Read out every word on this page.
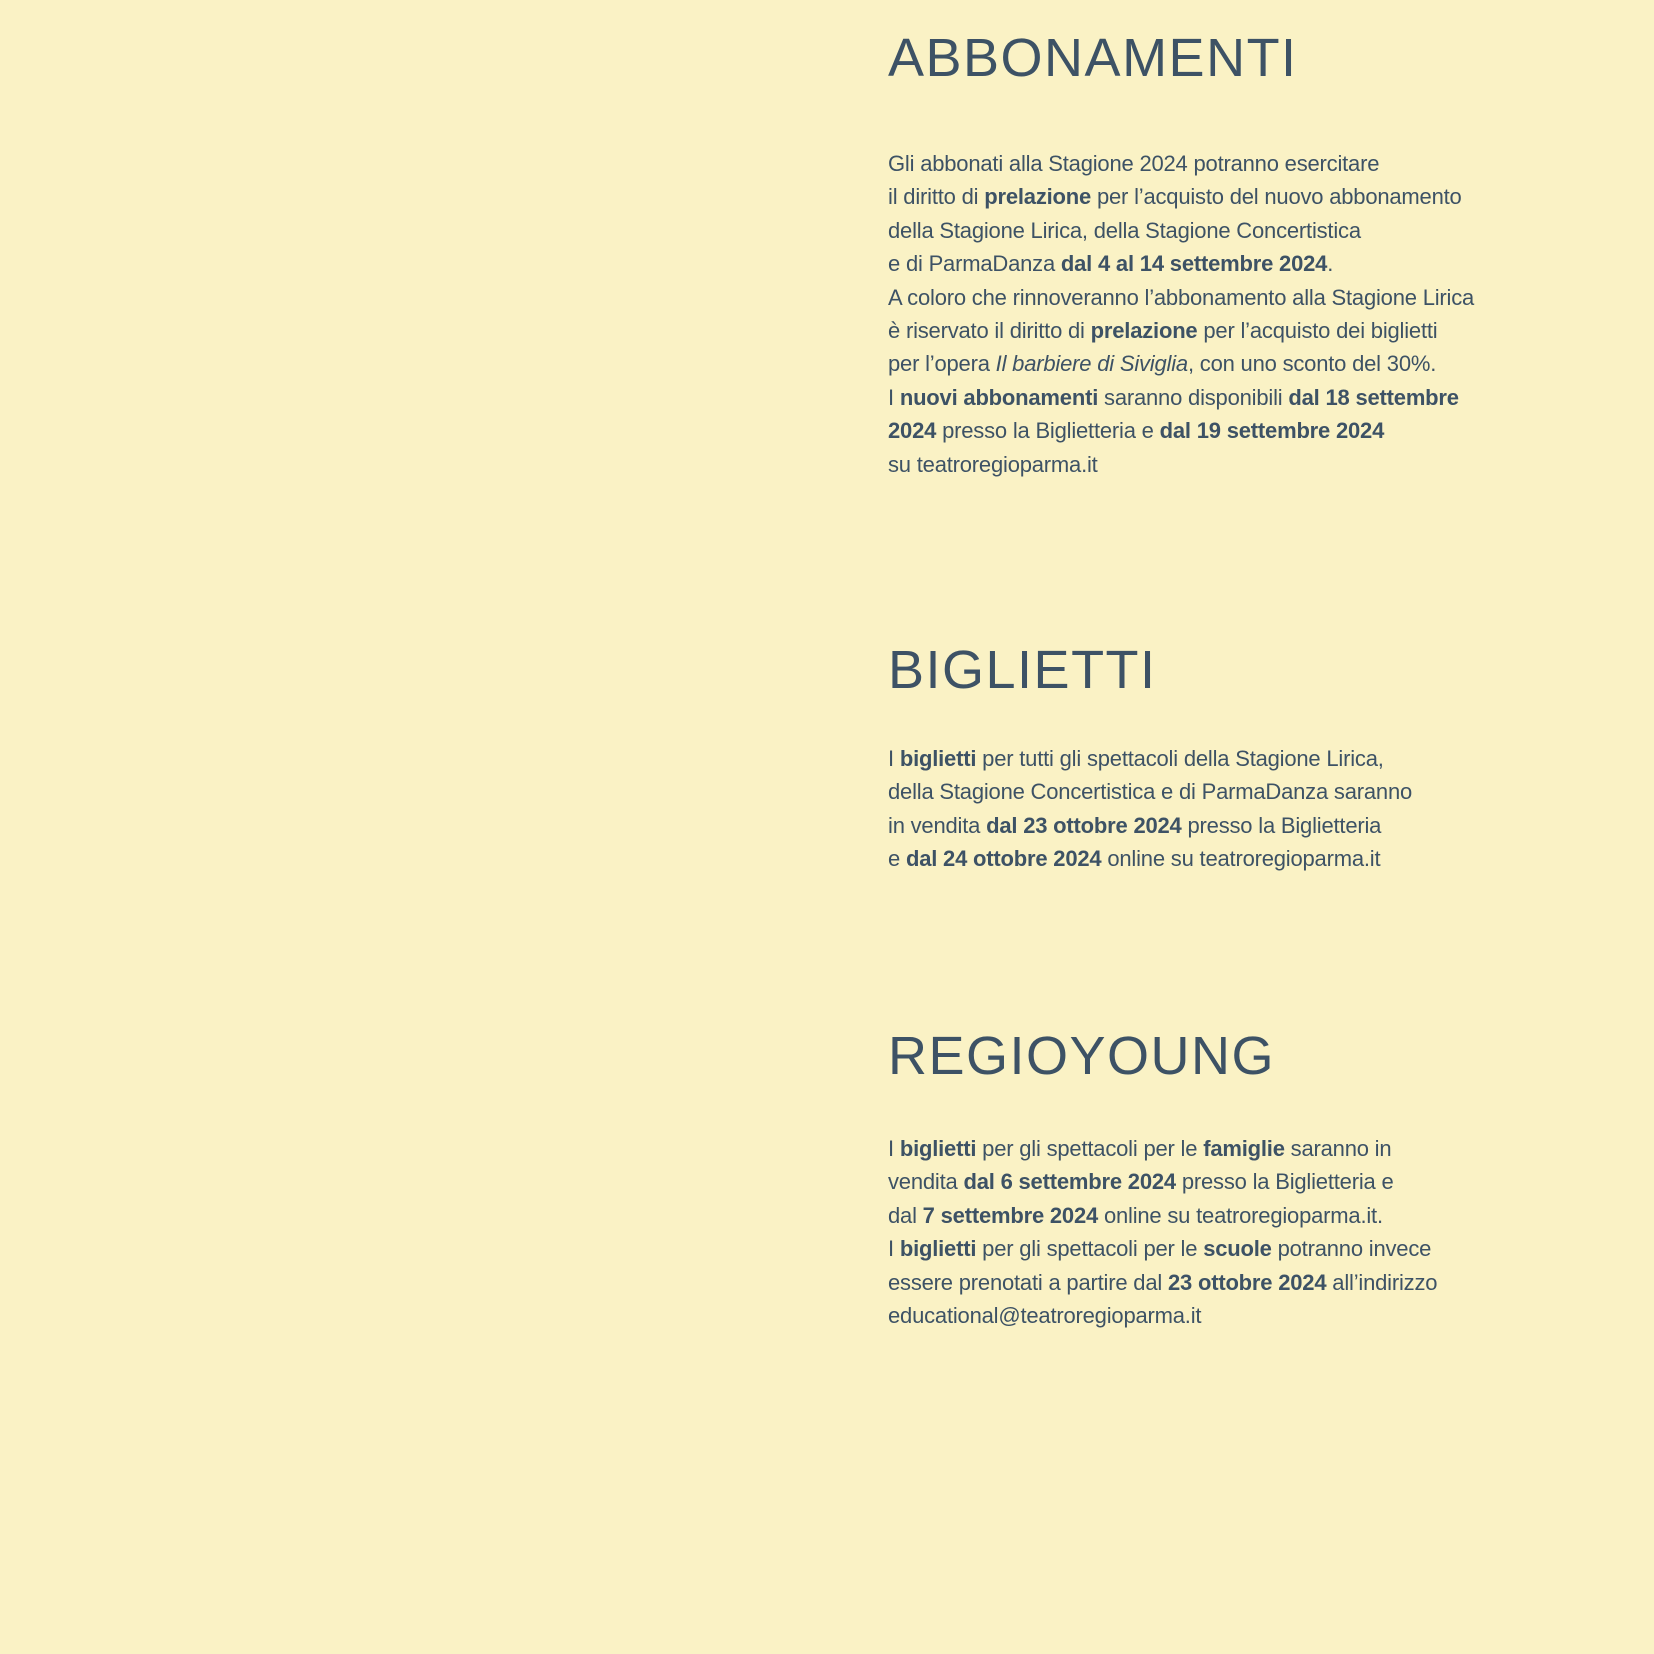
ABBONAMENTI
Gli abbonati alla Stagione 2024 potranno esercitare
il diritto di prelazione per l’acquisto del nuovo abbonamento
della Stagione Lirica, della Stagione Concertistica
e di ParmaDanza dal 4 al 14 settembre 2024.
A coloro che rinnoveranno l’abbonamento alla Stagione Lirica
è riservato il diritto di prelazione per l’acquisto dei biglietti
per l’opera Il barbiere di Siviglia, con uno sconto del 30%.
I nuovi abbonamenti saranno disponibili dal 18 settembre
2024 presso la Biglietteria e dal 19 settembre 2024
su teatroregioparma.it
BIGLIETTI
I biglietti per tutti gli spettacoli della Stagione Lirica,
della Stagione Concertistica e di ParmaDanza saranno
in vendita dal 23 ottobre 2024 presso la Biglietteria
e dal 24 ottobre 2024 online su teatroregioparma.it
REGIOYOUNG
I biglietti per gli spettacoli per le famiglie saranno in
vendita dal 6 settembre 2024 presso la Biglietteria e
dal 7 settembre 2024 online su teatroregioparma.it.
I biglietti per gli spettacoli per le scuole potranno invece
essere prenotati a partire dal 23 ottobre 2024 all’indirizzo
educational@teatroregioparma.it
